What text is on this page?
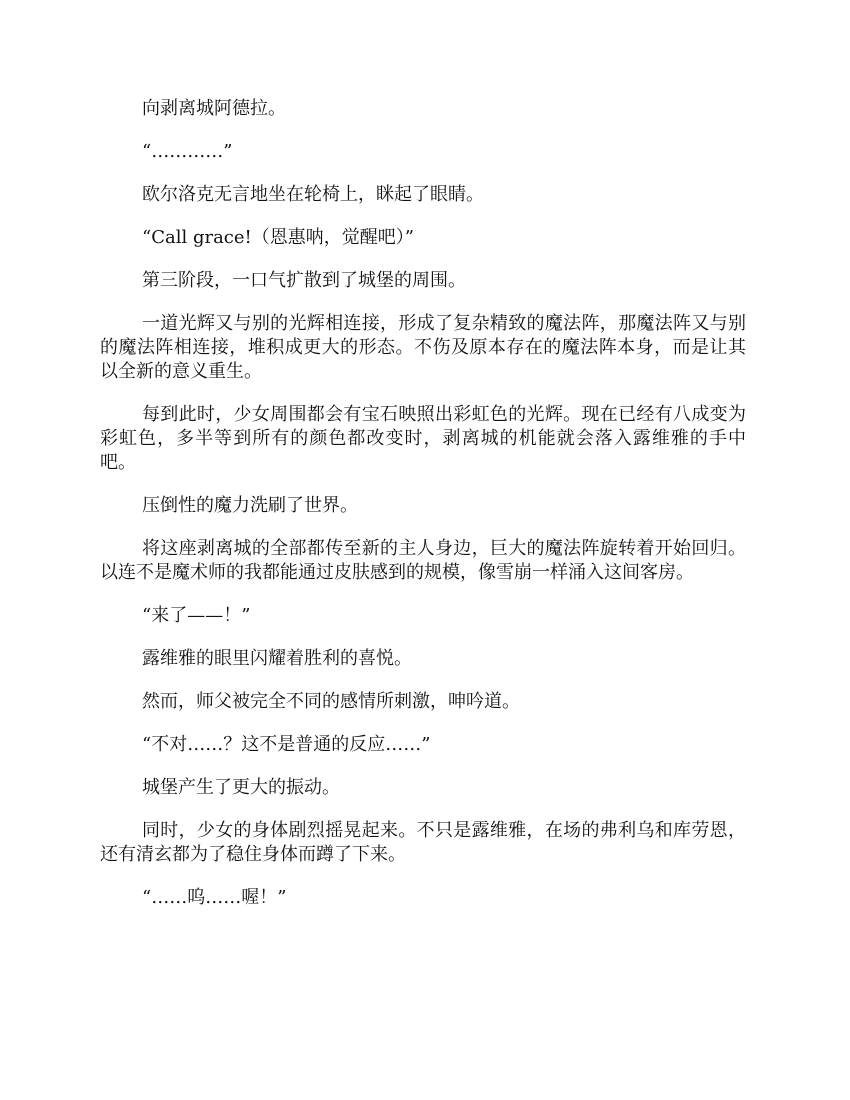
向剥离城阿德拉。

“…………”

欧尔洛克无言地坐在轮椅上，眯起了眼睛。

“Call grace!（恩惠呐，觉醒吧）”

第三阶段，一口气扩散到了城堡的周围。

一道光辉又与别的光辉相连接，形成了复杂精致的魔法阵，那魔法阵又与别的魔法阵相连接，堆积成更大的形态。不伤及原本存在的魔法阵本身，而是让其以全新的意义重生。

每到此时，少女周围都会有宝石映照出彩虹色的光辉。现在已经有八成变为彩虹色，多半等到所有的颜色都改变时，剥离城的机能就会落入露维雅的手中吧。

压倒性的魔力洗刷了世界。

将这座剥离城的全部都传至新的主人身边，巨大的魔法阵旋转着开始回归。以连不是魔术师的我都能通过皮肤感到的规模，像雪崩一样涌入这间客房。

“来了——！”

露维雅的眼里闪耀着胜利的喜悦。

然而，师父被完全不同的感情所刺激，呻吟道。

“不对……？这不是普通的反应……”

城堡产生了更大的振动。

同时，少女的身体剧烈摇晃起来。不只是露维雅，在场的弗利乌和库劳恩，还有清玄都为了稳住身体而蹲了下来。

“……呜……喔！”
